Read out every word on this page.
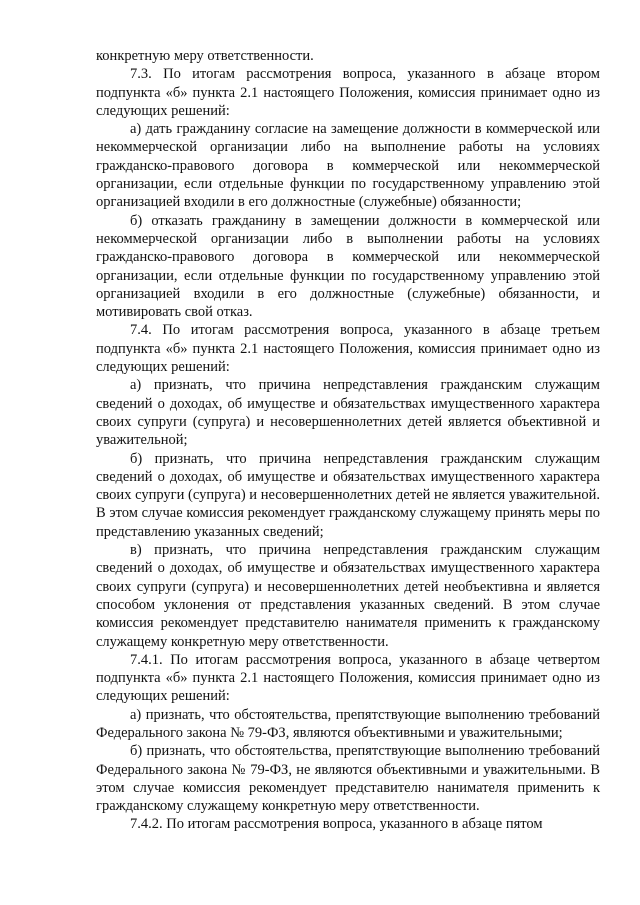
конкретную меру ответственности.

7.3. По итогам рассмотрения вопроса, указанного в абзаце втором подпункта «б» пункта 2.1 настоящего Положения, комиссия принимает одно из следующих решений:

а) дать гражданину согласие на замещение должности в коммерческой или некоммерческой организации либо на выполнение работы на условиях гражданско-правового договора в коммерческой или некоммерческой организации, если отдельные функции по государственному управлению этой организацией входили в его должностные (служебные) обязанности;

б) отказать гражданину в замещении должности в коммерческой или некоммерческой организации либо в выполнении работы на условиях гражданско-правового договора в коммерческой или некоммерческой организации, если отдельные функции по государственному управлению этой организацией входили в его должностные (служебные) обязанности, и мотивировать свой отказ.

7.4. По итогам рассмотрения вопроса, указанного в абзаце третьем подпункта «б» пункта 2.1 настоящего Положения, комиссия принимает одно из следующих решений:

а) признать, что причина непредставления гражданским служащим сведений о доходах, об имуществе и обязательствах имущественного характера своих супруги (супруга) и несовершеннолетних детей является объективной и уважительной;

б) признать, что причина непредставления гражданским служащим сведений о доходах, об имуществе и обязательствах имущественного характера своих супруги (супруга) и несовершеннолетних детей не является уважительной. В этом случае комиссия рекомендует гражданскому служащему принять меры по представлению указанных сведений;

в) признать, что причина непредставления гражданским служащим сведений о доходах, об имуществе и обязательствах имущественного характера своих супруги (супруга) и несовершеннолетних детей необъективна и является способом уклонения от представления указанных сведений. В этом случае комиссия рекомендует представителю нанимателя применить к гражданскому служащему конкретную меру ответственности.

7.4.1. По итогам рассмотрения вопроса, указанного в абзаце четвертом подпункта «б» пункта 2.1 настоящего Положения, комиссия принимает одно из следующих решений:

а) признать, что обстоятельства, препятствующие выполнению требований Федерального закона № 79-ФЗ, являются объективными и уважительными;

б) признать, что обстоятельства, препятствующие выполнению требований Федерального закона № 79-ФЗ, не являются объективными и уважительными. В этом случае комиссия рекомендует представителю нанимателя применить к гражданскому служащему конкретную меру ответственности.

7.4.2. По итогам рассмотрения вопроса, указанного в абзаце пятом
